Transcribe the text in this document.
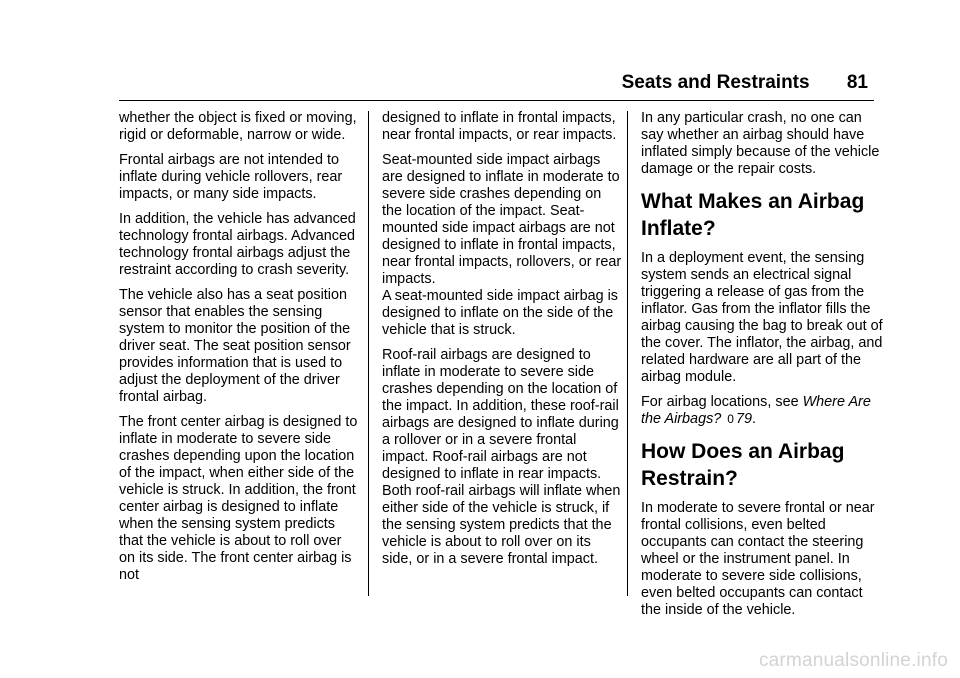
Seats and Restraints 81

whether the object is fixed or moving, rigid or deformable, narrow or wide.

Frontal airbags are not intended to inflate during vehicle rollovers, rear impacts, or many side impacts.

In addition, the vehicle has advanced technology frontal airbags. Advanced technology frontal airbags adjust the restraint according to crash severity.

The vehicle also has a seat position sensor that enables the sensing system to monitor the position of the driver seat. The seat position sensor provides information that is used to adjust the deployment of the driver frontal airbag.

The front center airbag is designed to inflate in moderate to severe side crashes depending upon the location of the impact, when either side of the vehicle is struck. In addition, the front center airbag is designed to inflate when the sensing system predicts that the vehicle is about to roll over on its side. The front center airbag is not

designed to inflate in frontal impacts, near frontal impacts, or rear impacts.

Seat-mounted side impact airbags are designed to inflate in moderate to severe side crashes depending on the location of the impact. Seat-mounted side impact airbags are not designed to inflate in frontal impacts, near frontal impacts, rollovers, or rear impacts.

A seat-mounted side impact airbag is designed to inflate on the side of the vehicle that is struck.

Roof-rail airbags are designed to inflate in moderate to severe side crashes depending on the location of the impact. In addition, these roof-rail airbags are designed to inflate during a rollover or in a severe frontal impact. Roof-rail airbags are not designed to inflate in rear impacts. Both roof-rail airbags will inflate when either side of the vehicle is struck, if the sensing system predicts that the vehicle is about to roll over on its side, or in a severe frontal impact.

In any particular crash, no one can say whether an airbag should have inflated simply because of the vehicle damage or the repair costs.

What Makes an Airbag Inflate?

In a deployment event, the sensing system sends an electrical signal triggering a release of gas from the inflator. Gas from the inflator fills the airbag causing the bag to break out of the cover. The inflator, the airbag, and related hardware are all part of the airbag module.

For airbag locations, see Where Are the Airbags? 0 79.

How Does an Airbag Restrain?

In moderate to severe frontal or near frontal collisions, even belted occupants can contact the steering wheel or the instrument panel. In moderate to severe side collisions, even belted occupants can contact the inside of the vehicle.

carmanualsonline.info
